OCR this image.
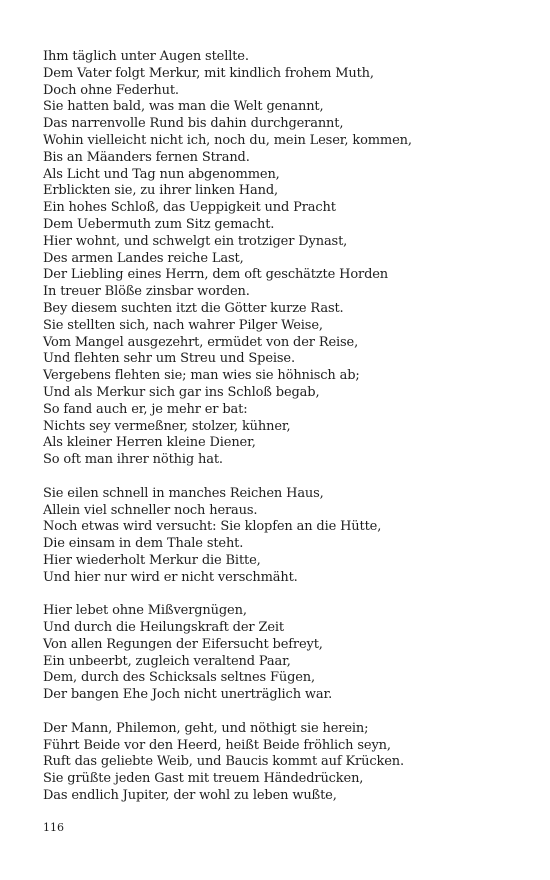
Ihm täglich unter Augen stellte.
Dem Vater folgt Merkur, mit kindlich frohem Muth,
Doch ohne Federhut.
Sie hatten bald, was man die Welt genannt,
Das narrenvolle Rund bis dahin durchgerannt,
Wohin vielleicht nicht ich, noch du, mein Leser, kommen,
Bis an Mäanders fernen Strand.
Als Licht und Tag nun abgenommen,
Erblickten sie, zu ihrer linken Hand,
Ein hohes Schloß, das Ueppigkeit und Pracht
Dem Uebermuth zum Sitz gemacht.
Hier wohnt, und schwelgt ein trotziger Dynast,
Des armen Landes reiche Last,
Der Liebling eines Herrn, dem oft geschätzte Horden
In treuer Blöße zinsbar worden.
Bey diesem suchten itzt die Götter kurze Rast.
Sie stellten sich, nach wahrer Pilger Weise,
Vom Mangel ausgezehrt, ermüdet von der Reise,
Und flehten sehr um Streu und Speise.
Vergebens flehten sie; man wies sie höhnisch ab;
Und als Merkur sich gar ins Schloß begab,
So fand auch er, je mehr er bat:
Nichts sey vermeßner, stolzer, kühner,
Als kleiner Herren kleine Diener,
So oft man ihrer nöthig hat.
Sie eilen schnell in manches Reichen Haus,
Allein viel schneller noch heraus.
Noch etwas wird versucht: Sie klopfen an die Hütte,
Die einsam in dem Thale steht.
Hier wiederholt Merkur die Bitte,
Und hier nur wird er nicht verschmäht.
Hier lebet ohne Mißvergnügen,
Und durch die Heilungskraft der Zeit
Von allen Regungen der Eifersucht befreyt,
Ein unbeerbt, zugleich veraltend Paar,
Dem, durch des Schicksals seltnes Fügen,
Der bangen Ehe Joch nicht unerträglich war.
Der Mann, Philemon, geht, und nöthigt sie herein;
Führt Beide vor den Heerd, heißt Beide fröhlich seyn,
Ruft das geliebte Weib, und Baucis kommt auf Krücken.
Sie grüßte jeden Gast mit treuem Händedrücken,
Das endlich Jupiter, der wohl zu leben wußte,
116
